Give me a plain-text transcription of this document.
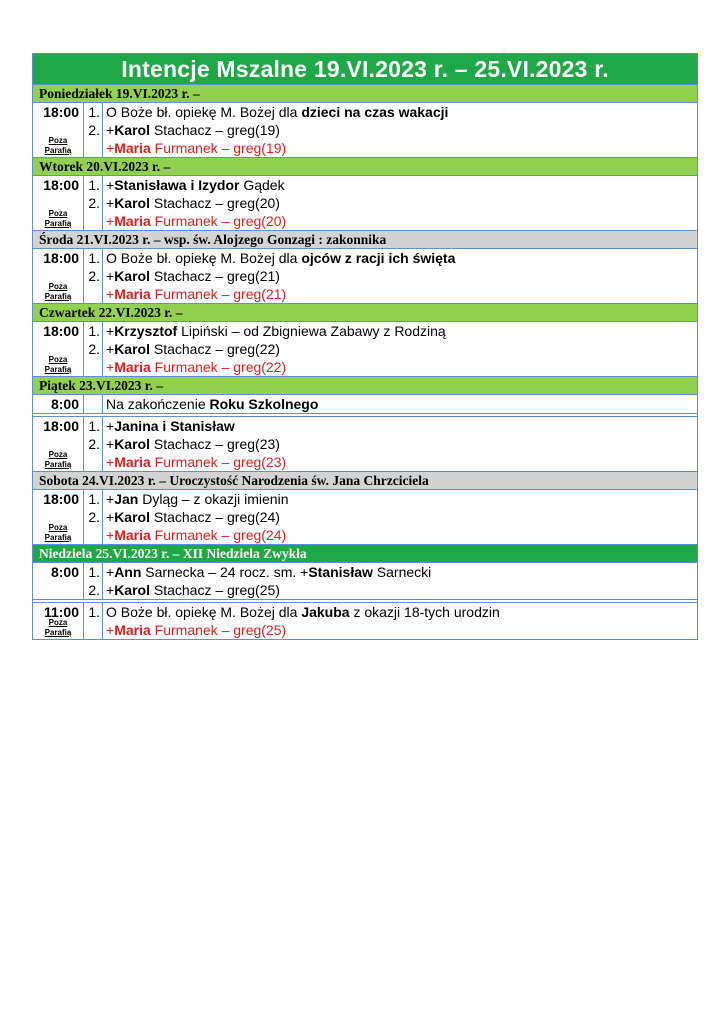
Intencje Mszalne 19.VI.2023 r. – 25.VI.2023 r.
Poniedziałek 19.VI.2023 r. –
18:00
Poza
Parafią
1.
2.
O Boże bł. opiekę M. Bożej dla dzieci na czas wakacji
+Karol Stachacz – greg(19)
+Maria Furmanek – greg(19)
Wtorek 20.VI.2023 r. –
18:00
Poza
Parafią
1.
2.
+Stanisława i Izydor Gądek
+Karol Stachacz – greg(20)
+Maria Furmanek – greg(20)
Środa 21.VI.2023 r. – wsp. św. Alojzego Gonzagi : zakonnika
18:00
Poza
Parafią
1.
2.
O Boże bł. opiekę M. Bożej dla ojców z racji ich święta
+Karol Stachacz – greg(21)
+Maria Furmanek – greg(21)
Czwartek 22.VI.2023 r. –
18:00
Poza
Parafią
1.
2.
+Krzysztof Lipiński – od Zbigniewa Zabawy z Rodziną
+Karol Stachacz – greg(22)
+Maria Furmanek – greg(22)
Piątek 23.VI.2023 r. –
8:00 Na zakończenie Roku Szkolnego
18:00
Poza
Parafią
1.
2.
+Janina i Stanisław
+Karol Stachacz – greg(23)
+Maria Furmanek – greg(23)
Sobota 24.VI.2023 r. – Uroczystość Narodzenia św. Jana Chrzciciela
18:00
Poza
Parafią
1.
2.
+Jan Dyląg – z okazji imienin
+Karol Stachacz – greg(24)
+Maria Furmanek – greg(24)
Niedziela 25.VI.2023 r. – XII Niedziela Zwykła
8:00 1.
2.
+Ann Sarnecka – 24 rocz. sm. +Stanisław Sarnecki
+Karol Stachacz – greg(25)
11:00
Poza
Parafią
1. O Boże bł. opiekę M. Bożej dla Jakuba z okazji 18-tych urodzin
+Maria Furmanek – greg(25)
